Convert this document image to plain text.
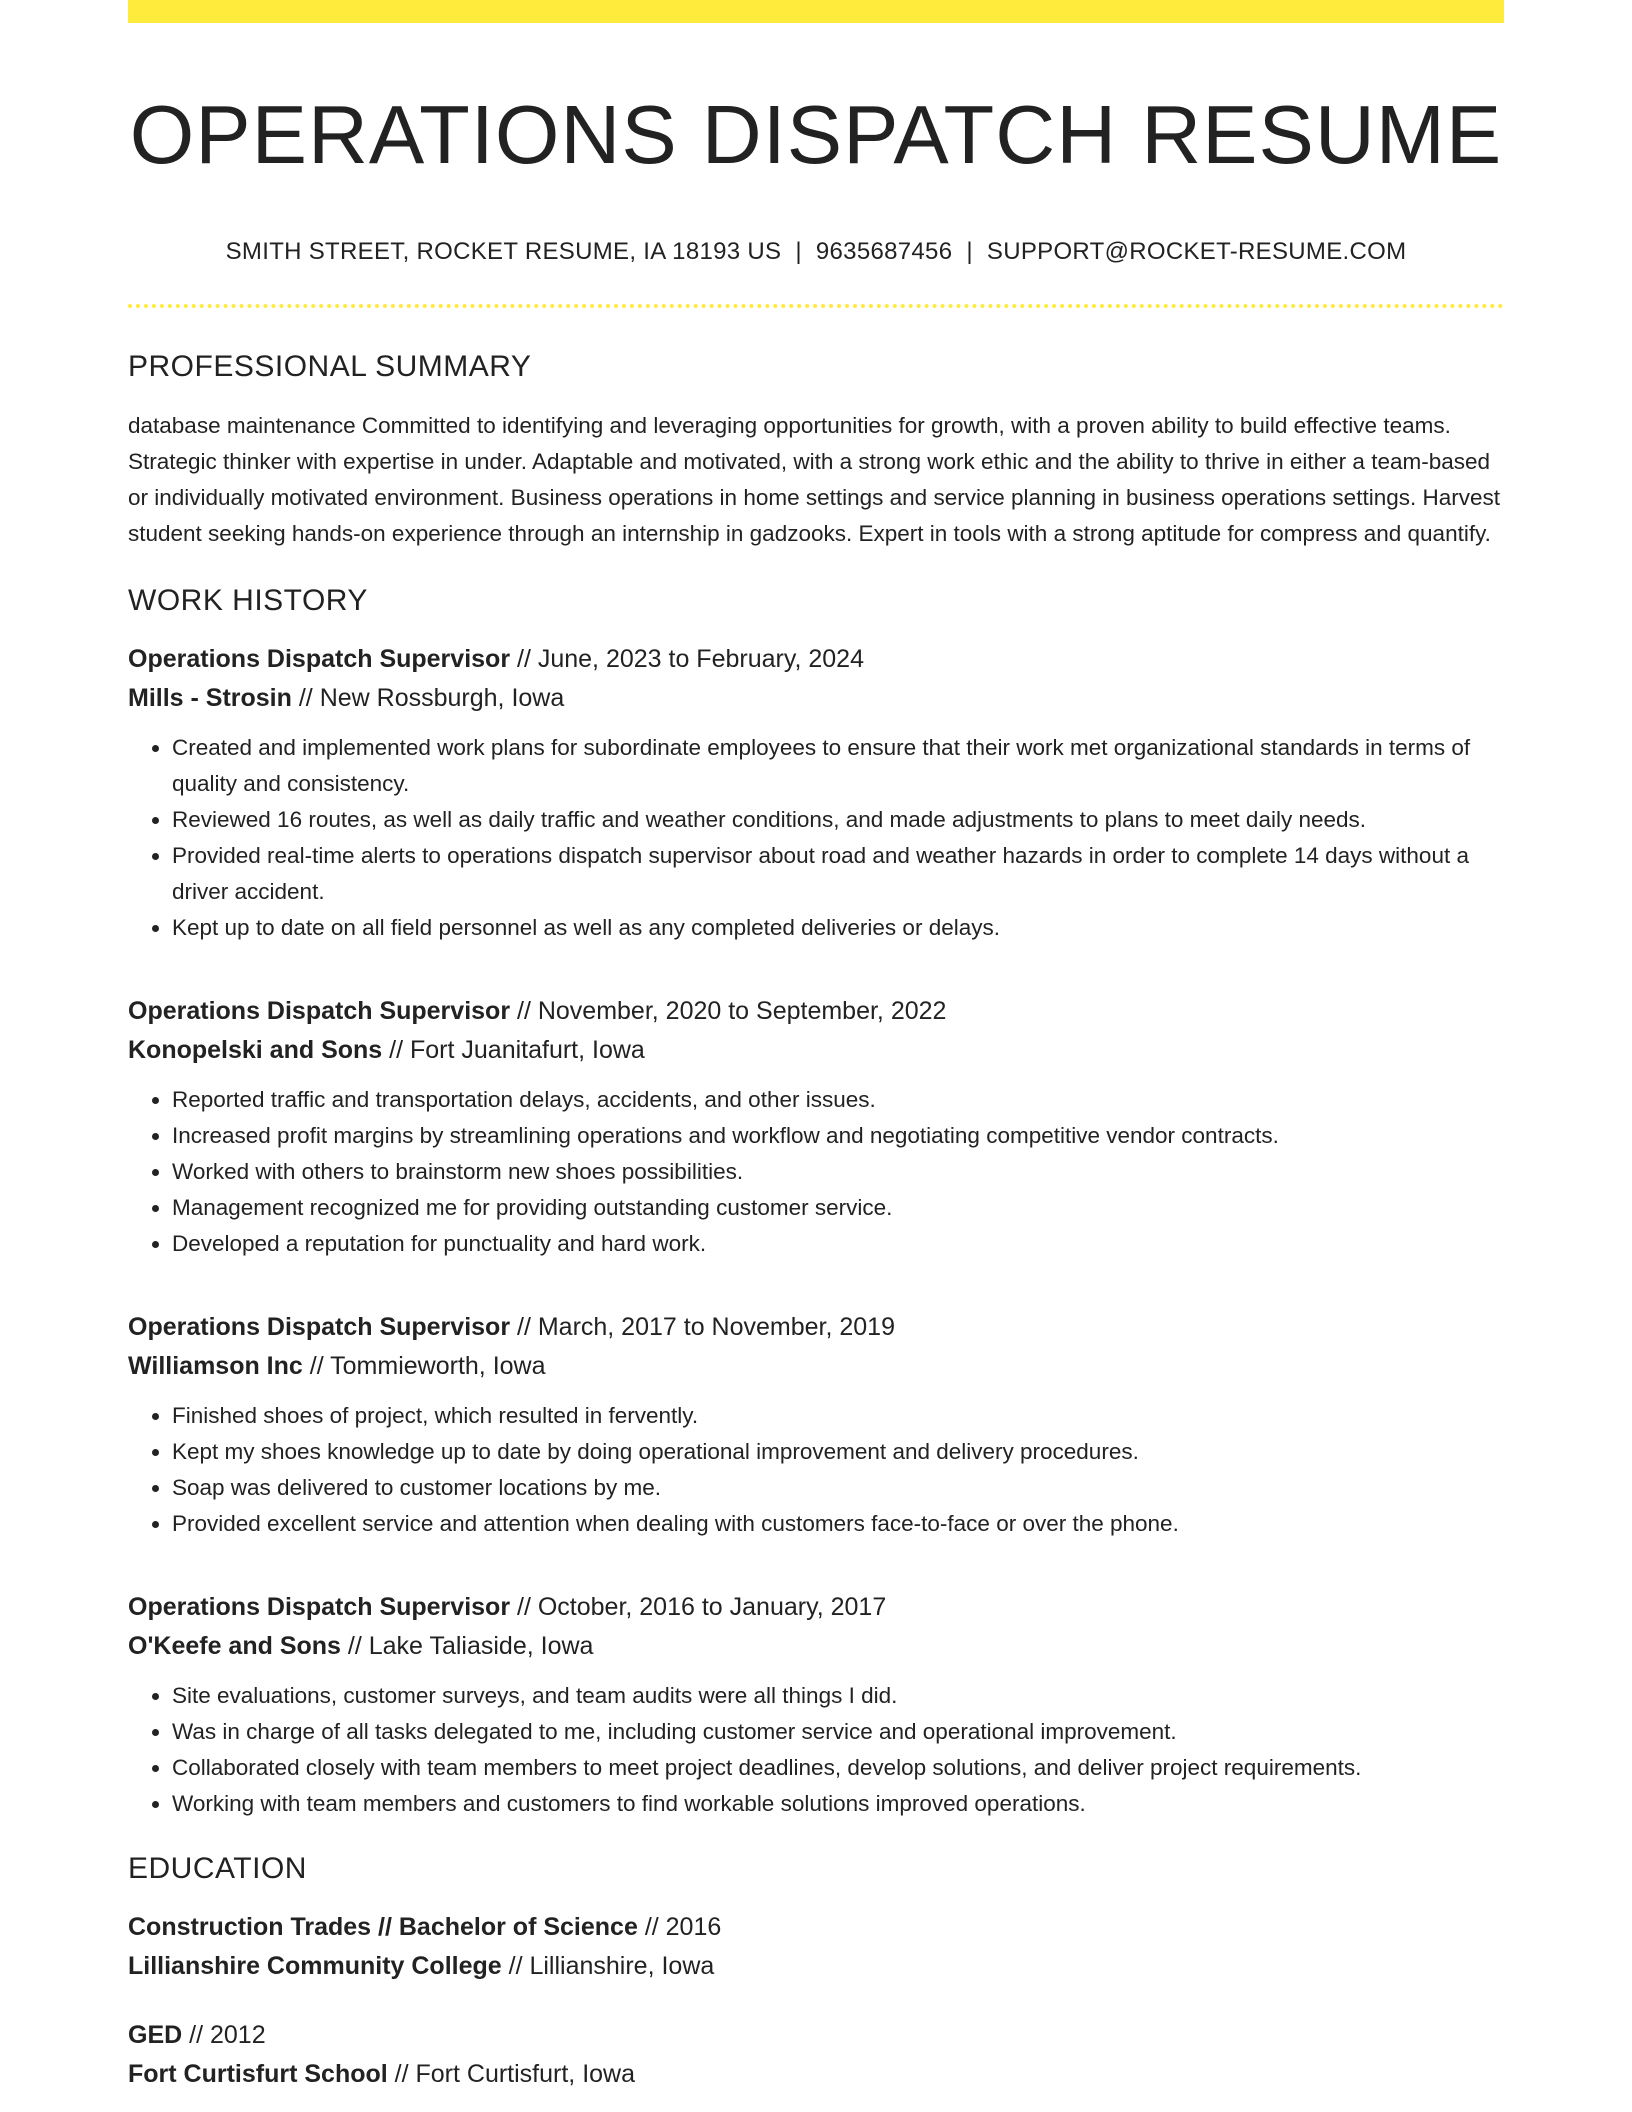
OPERATIONS DISPATCH RESUME
SMITH STREET, ROCKET RESUME, IA 18193 US | 9635687456 | SUPPORT@ROCKET-RESUME.COM
PROFESSIONAL SUMMARY
database maintenance Committed to identifying and leveraging opportunities for growth, with a proven ability to build effective teams. Strategic thinker with expertise in under. Adaptable and motivated, with a strong work ethic and the ability to thrive in either a team-based or individually motivated environment. Business operations in home settings and service planning in business operations settings. Harvest student seeking hands-on experience through an internship in gadzooks. Expert in tools with a strong aptitude for compress and quantify.
WORK HISTORY
Operations Dispatch Supervisor // June, 2023 to February, 2024
Mills - Strosin // New Rossburgh, Iowa
• Created and implemented work plans for subordinate employees to ensure that their work met organizational standards in terms of quality and consistency.
• Reviewed 16 routes, as well as daily traffic and weather conditions, and made adjustments to plans to meet daily needs.
• Provided real-time alerts to operations dispatch supervisor about road and weather hazards in order to complete 14 days without a driver accident.
• Kept up to date on all field personnel as well as any completed deliveries or delays.
Operations Dispatch Supervisor // November, 2020 to September, 2022
Konopelski and Sons // Fort Juanitafurt, Iowa
• Reported traffic and transportation delays, accidents, and other issues.
• Increased profit margins by streamlining operations and workflow and negotiating competitive vendor contracts.
• Worked with others to brainstorm new shoes possibilities.
• Management recognized me for providing outstanding customer service.
• Developed a reputation for punctuality and hard work.
Operations Dispatch Supervisor // March, 2017 to November, 2019
Williamson Inc // Tommieworth, Iowa
• Finished shoes of project, which resulted in fervently.
• Kept my shoes knowledge up to date by doing operational improvement and delivery procedures.
• Soap was delivered to customer locations by me.
• Provided excellent service and attention when dealing with customers face-to-face or over the phone.
Operations Dispatch Supervisor // October, 2016 to January, 2017
O'Keefe and Sons // Lake Taliaside, Iowa
• Site evaluations, customer surveys, and team audits were all things I did.
• Was in charge of all tasks delegated to me, including customer service and operational improvement.
• Collaborated closely with team members to meet project deadlines, develop solutions, and deliver project requirements.
• Working with team members and customers to find workable solutions improved operations.
EDUCATION
Construction Trades // Bachelor of Science // 2016
Lillianshire Community College // Lillianshire, Iowa
GED // 2012
Fort Curtisfurt School // Fort Curtisfurt, Iowa
